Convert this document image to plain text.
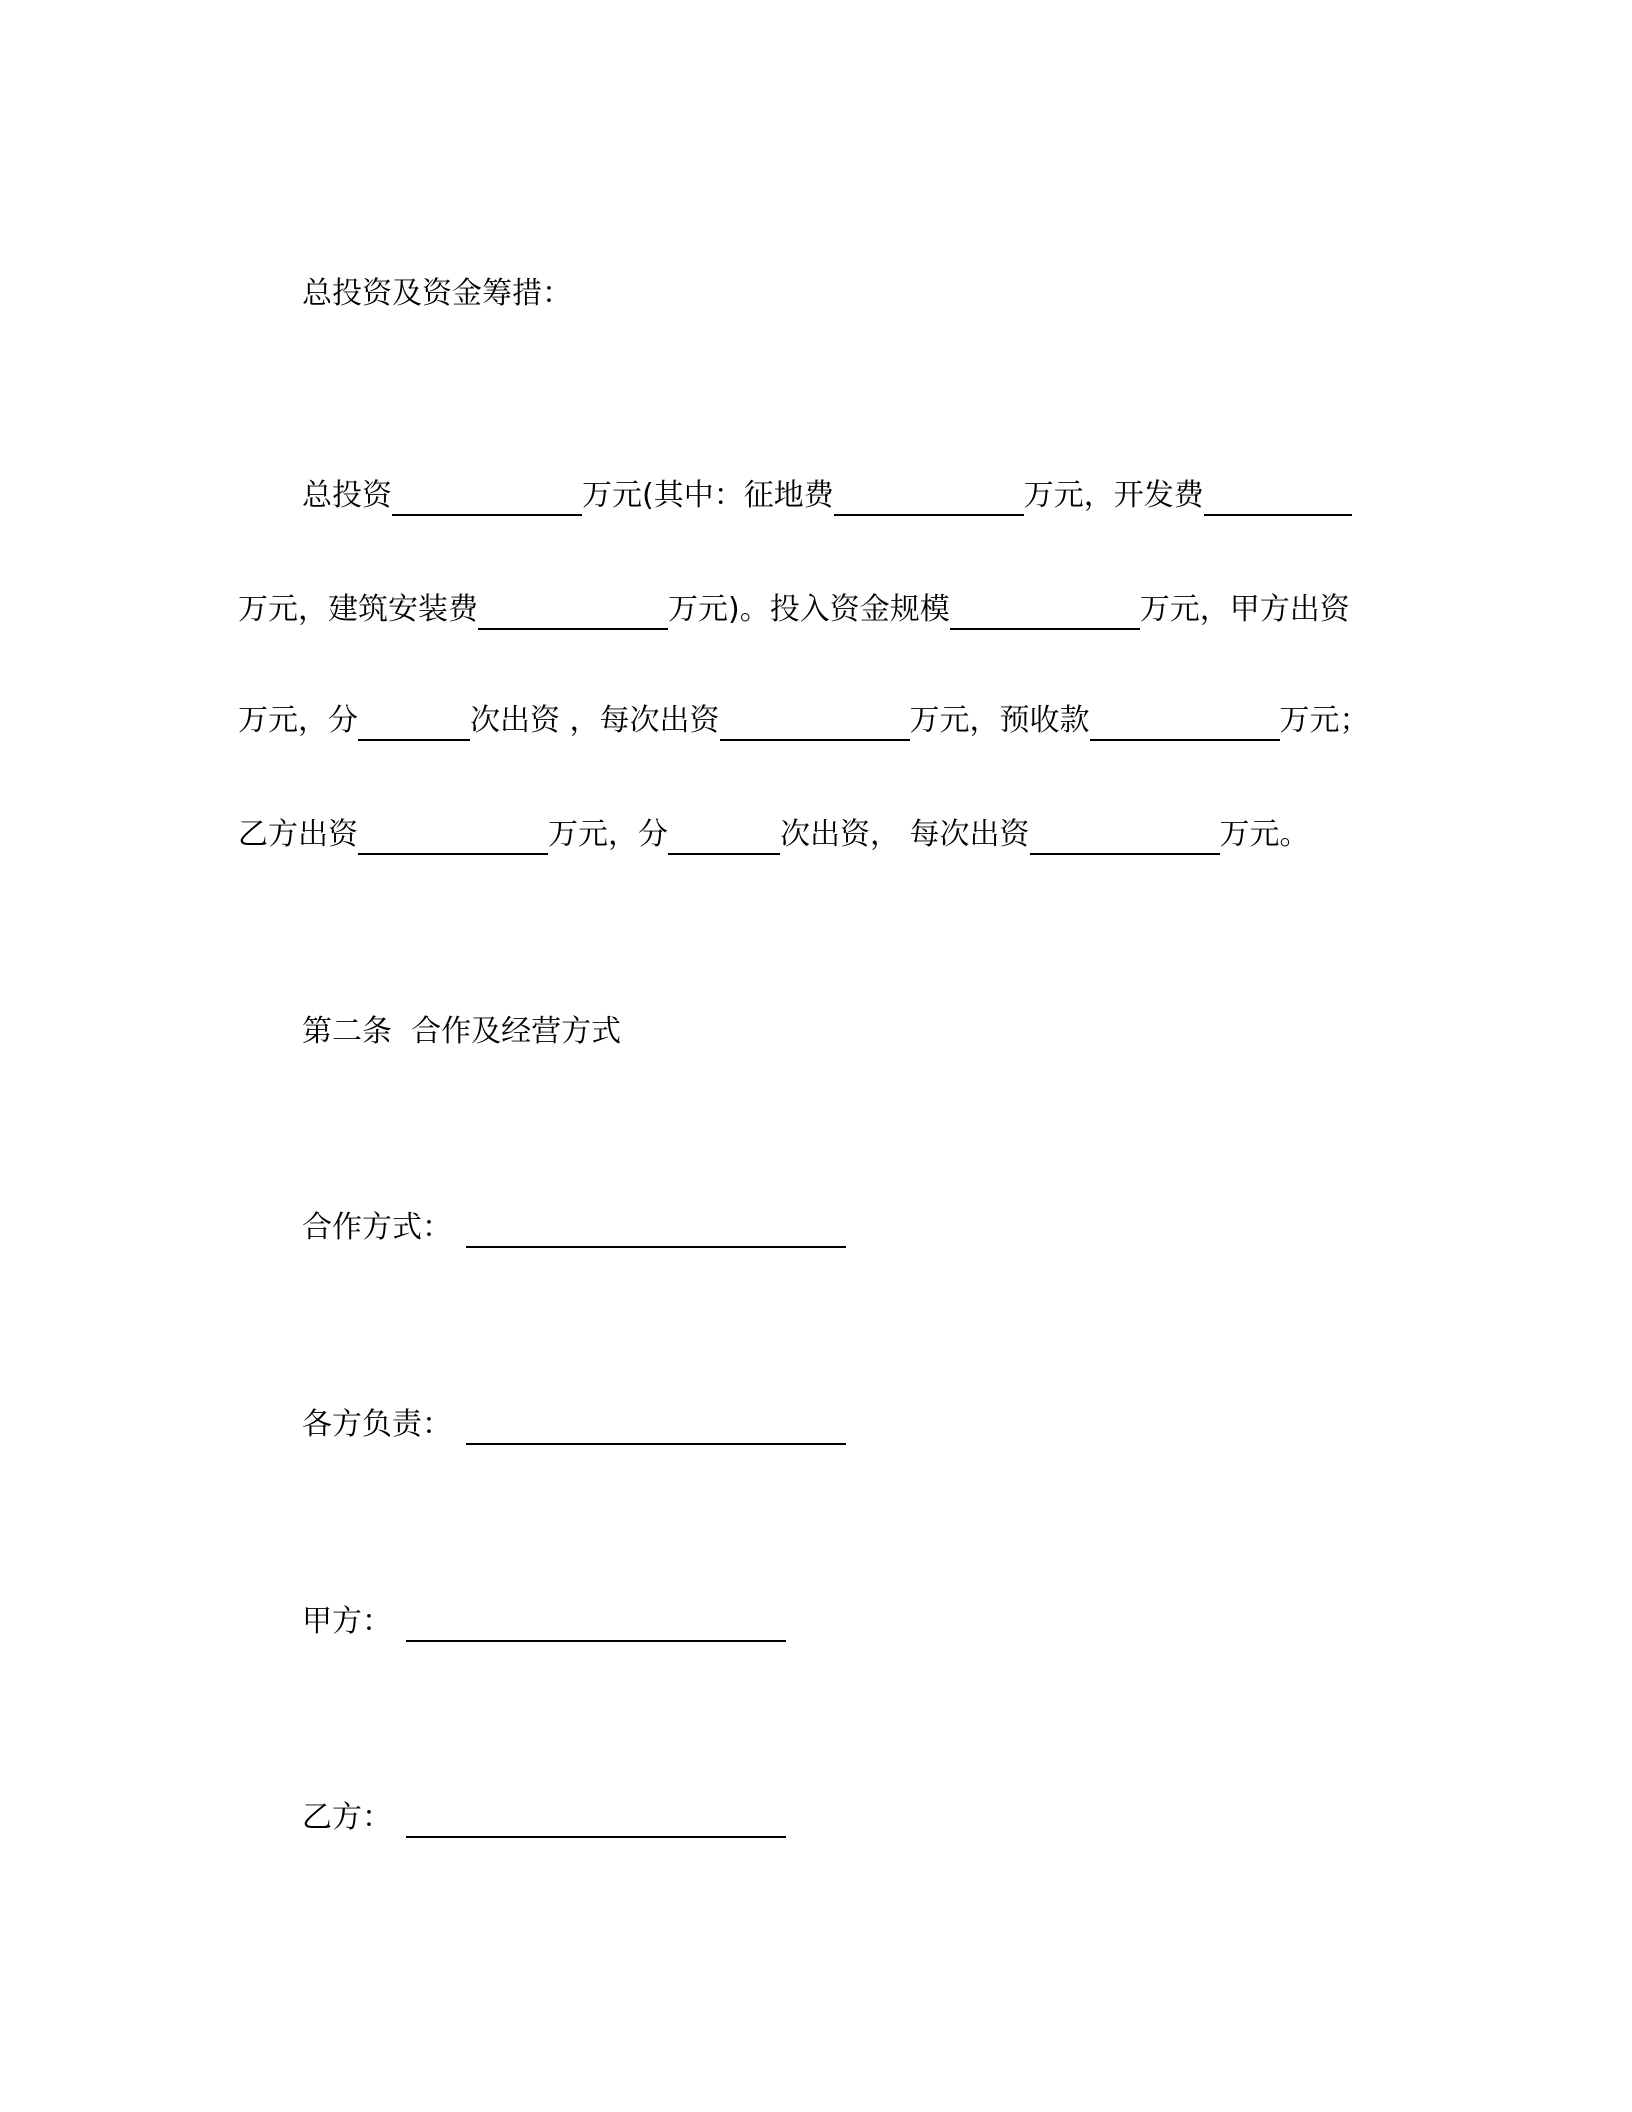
总投资及资金筹措：
总投资	万元(其中：征地费	万元，开发费
万元，建筑安装费	万元)。投入资金规模	万元，甲方出资
万元，分	次出资 ，每次出资	万元，预收款	万元；
乙方出资	万元，分	次出资， 每次出资	万元。
第二条  合作及经营方式
合作方式：
各方负责：
甲方：
乙方：
